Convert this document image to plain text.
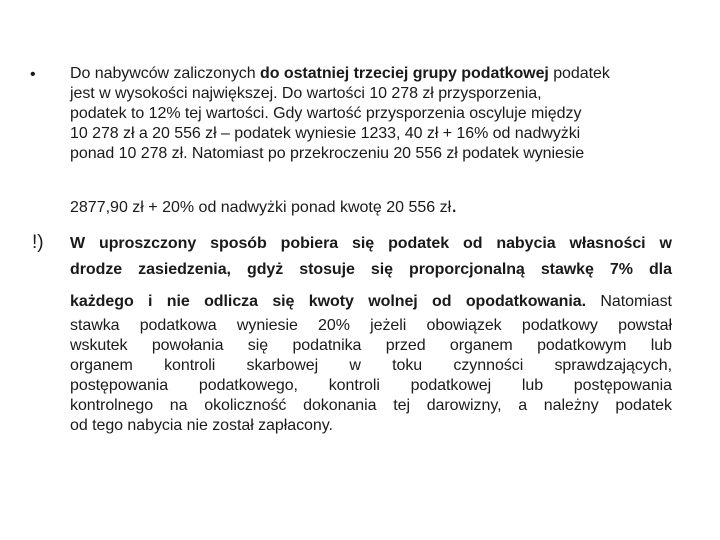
• Do nabywców zaliczonych do ostatniej trzeciej grupy podatkowej podatek
jest w wysokości największej. Do wartości 10 278 zł przysporzenia,
podatek to 12% tej wartości. Gdy wartość przysporzenia oscyluje między
10 278 zł a 20 556 zł – podatek wyniesie 1233, 40 zł + 16% od nadwyżki
ponad 10 278 zł. Natomiast po przekroczeniu 20 556 zł podatek wyniesie
2877,90 zł + 20% od nadwyżki ponad kwotę 20 556 zł.
!) W uproszczony sposób pobiera się podatek od nabycia własności w
drodze zasiedzenia, gdyż stosuje się proporcjonalną stawkę 7% dla
każdego i nie odlicza się kwoty wolnej od opodatkowania. Natomiast
stawka podatkowa wyniesie 20% jeżeli obowiązek podatkowy powstał
wskutek powołania się podatnika przed organem podatkowym lub
organem kontroli skarbowej w toku czynności sprawdzających,
postępowania podatkowego, kontroli podatkowej lub postępowania
kontrolnego na okoliczność dokonania tej darowizny, a należny podatek
od tego nabycia nie został zapłacony.
